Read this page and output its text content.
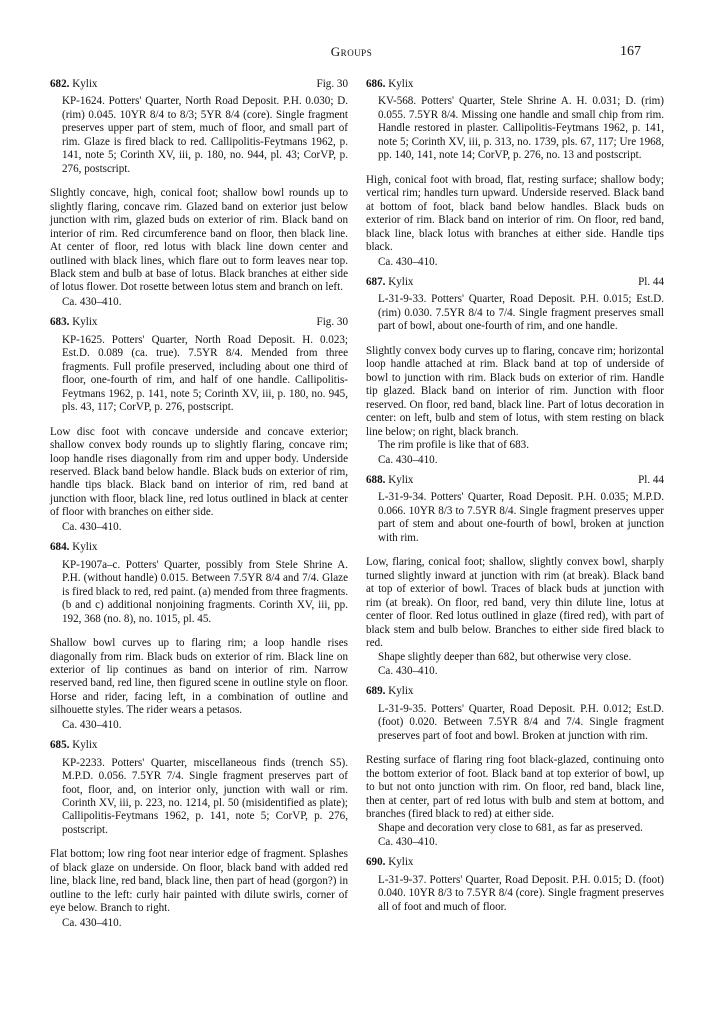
Groups	167
682. Kylix	Fig. 30
KP-1624. Potters' Quarter, North Road Deposit. P.H. 0.030; D. (rim) 0.045. 10YR 8/4 to 8/3; 5YR 8/4 (core). Single fragment preserves upper part of stem, much of floor, and small part of rim. Glaze is fired black to red. Callipolitis-Feytmans 1962, p. 141, note 5; Corinth XV, iii, p. 180, no. 944, pl. 43; CorVP, p. 276, postscript.

Slightly concave, high, conical foot; shallow bowl rounds up to slightly flaring, concave rim. Glazed band on exterior just below junction with rim, glazed buds on exterior of rim. Black band on interior of rim. Red circumference band on floor, then black line. At center of floor, red lotus with black line down center and outlined with black lines, which flare out to form leaves near top. Black stem and bulb at base of lotus. Black branches at either side of lotus flower. Dot rosette between lotus stem and branch on left.

Ca. 430–410.
683. Kylix	Fig. 30
KP-1625. Potters' Quarter, North Road Deposit. H. 0.023; Est.D. 0.089 (ca. true). 7.5YR 8/4. Mended from three fragments. Full profile preserved, including about one third of floor, one-fourth of rim, and half of one handle. Callipolitis-Feytmans 1962, p. 141, note 5; Corinth XV, iii, p. 180, no. 945, pls. 43, 117; CorVP, p. 276, postscript.

Low disc foot with concave underside and concave exterior; shallow convex body rounds up to slightly flaring, concave rim; loop handle rises diagonally from rim and upper body. Underside reserved. Black band below handle. Black buds on exterior of rim, handle tips black. Black band on interior of rim, red band at junction with floor, black line, red lotus outlined in black at center of floor with branches on either side.

Ca. 430–410.
684. Kylix
KP-1907a–c. Potters' Quarter, possibly from Stele Shrine A. P.H. (without handle) 0.015. Between 7.5YR 8/4 and 7/4. Glaze is fired black to red, red paint. (a) mended from three fragments. (b and c) additional nonjoining fragments. Corinth XV, iii, pp. 192, 368 (no. 8), no. 1015, pl. 45.

Shallow bowl curves up to flaring rim; a loop handle rises diagonally from rim. Black buds on exterior of rim. Black line on exterior of lip continues as band on interior of rim. Narrow reserved band, red line, then figured scene in outline style on floor. Horse and rider, facing left, in a combination of outline and silhouette styles. The rider wears a petasos.

Ca. 430–410.
685. Kylix
KP-2233. Potters' Quarter, miscellaneous finds (trench S5). M.P.D. 0.056. 7.5YR 7/4. Single fragment preserves part of foot, floor, and, on interior only, junction with wall or rim. Corinth XV, iii, p. 223, no. 1214, pl. 50 (misidentified as plate); Callipolitis-Feytmans 1962, p. 141, note 5; CorVP, p. 276, postscript.

Flat bottom; low ring foot near interior edge of fragment. Splashes of black glaze on underside. On floor, black band with added red line, black line, red band, black line, then part of head (gorgon?) in outline to the left: curly hair painted with dilute swirls, corner of eye below. Branch to right.

Ca. 430–410.
686. Kylix
KV-568. Potters' Quarter, Stele Shrine A. H. 0.031; D. (rim) 0.055. 7.5YR 8/4. Missing one handle and small chip from rim. Handle restored in plaster. Callipolitis-Feytmans 1962, p. 141, note 5; Corinth XV, iii, p. 313, no. 1739, pls. 67, 117; Ure 1968, pp. 140, 141, note 14; CorVP, p. 276, no. 13 and postscript.

High, conical foot with broad, flat, resting surface; shallow body; vertical rim; handles turn upward. Underside reserved. Black band at bottom of foot, black band below handles. Black buds on exterior of rim. Black band on interior of rim. On floor, red band, black line, black lotus with branches at either side. Handle tips black.

Ca. 430–410.
687. Kylix	Pl. 44
L-31-9-33. Potters' Quarter, Road Deposit. P.H. 0.015; Est.D. (rim) 0.030. 7.5YR 8/4 to 7/4. Single fragment preserves small part of bowl, about one-fourth of rim, and one handle.

Slightly convex body curves up to flaring, concave rim; horizontal loop handle attached at rim. Black band at top of underside of bowl to junction with rim. Black buds on exterior of rim. Handle tip glazed. Black band on interior of rim. Junction with floor reserved. On floor, red band, black line. Part of lotus decoration in center: on left, bulb and stem of lotus, with stem resting on black line below; on right, black branch.

The rim profile is like that of 683.

Ca. 430–410.
688. Kylix	Pl. 44
L-31-9-34. Potters' Quarter, Road Deposit. P.H. 0.035; M.P.D. 0.066. 10YR 8/3 to 7.5YR 8/4. Single fragment preserves upper part of stem and about one-fourth of bowl, broken at junction with rim.

Low, flaring, conical foot; shallow, slightly convex bowl, sharply turned slightly inward at junction with rim (at break). Black band at top of exterior of bowl. Traces of black buds at junction with rim (at break). On floor, red band, very thin dilute line, lotus at center of floor. Red lotus outlined in glaze (fired red), with part of black stem and bulb below. Branches to either side fired black to red.

Shape slightly deeper than 682, but otherwise very close.

Ca. 430–410.
689. Kylix
L-31-9-35. Potters' Quarter, Road Deposit. P.H. 0.012; Est.D. (foot) 0.020. Between 7.5YR 8/4 and 7/4. Single fragment preserves part of foot and bowl. Broken at junction with rim.

Resting surface of flaring ring foot black-glazed, continuing onto the bottom exterior of foot. Black band at top exterior of bowl, up to but not onto junction with rim. On floor, red band, black line, then at center, part of red lotus with bulb and stem at bottom, and branches (fired black to red) at either side.

Shape and decoration very close to 681, as far as preserved.

Ca. 430–410.
690. Kylix
L-31-9-37. Potters' Quarter, Road Deposit. P.H. 0.015; D. (foot) 0.040. 10YR 8/3 to 7.5YR 8/4 (core). Single fragment preserves all of foot and much of floor.
